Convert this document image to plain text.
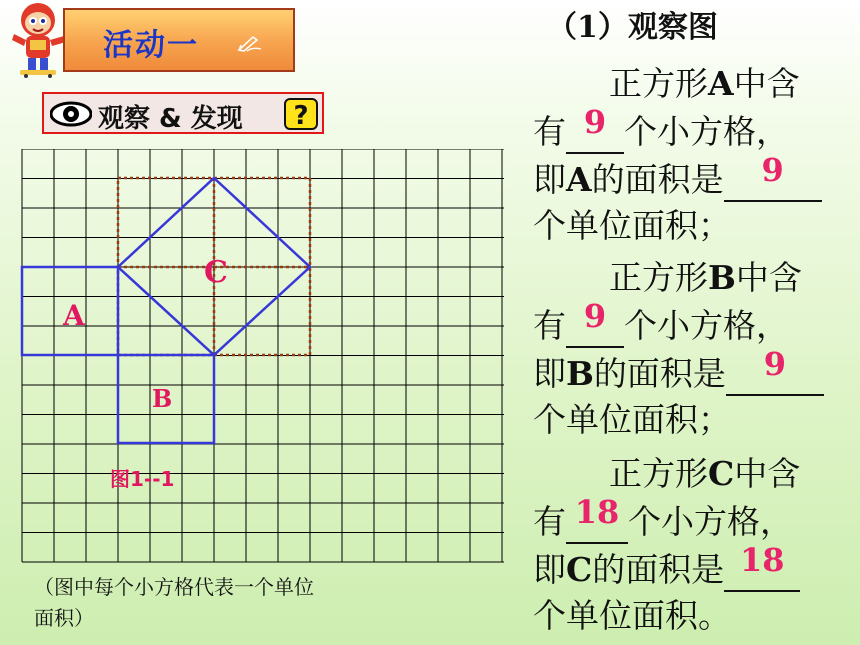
活动一
观察 & 发现 ?
A
B
C
图1--1
（图中每个小方格代表一个单位
面积）
（1）观察图
正方形A中含
有 9 个小方格，
即A的面积是	9
个单位面积；
正方形B中含
有 9 个小方格，
即B的面积是	9
个单位面积；
正方形C中含
有 18 个小方格，
即C的面积是 18
个单位面积。
